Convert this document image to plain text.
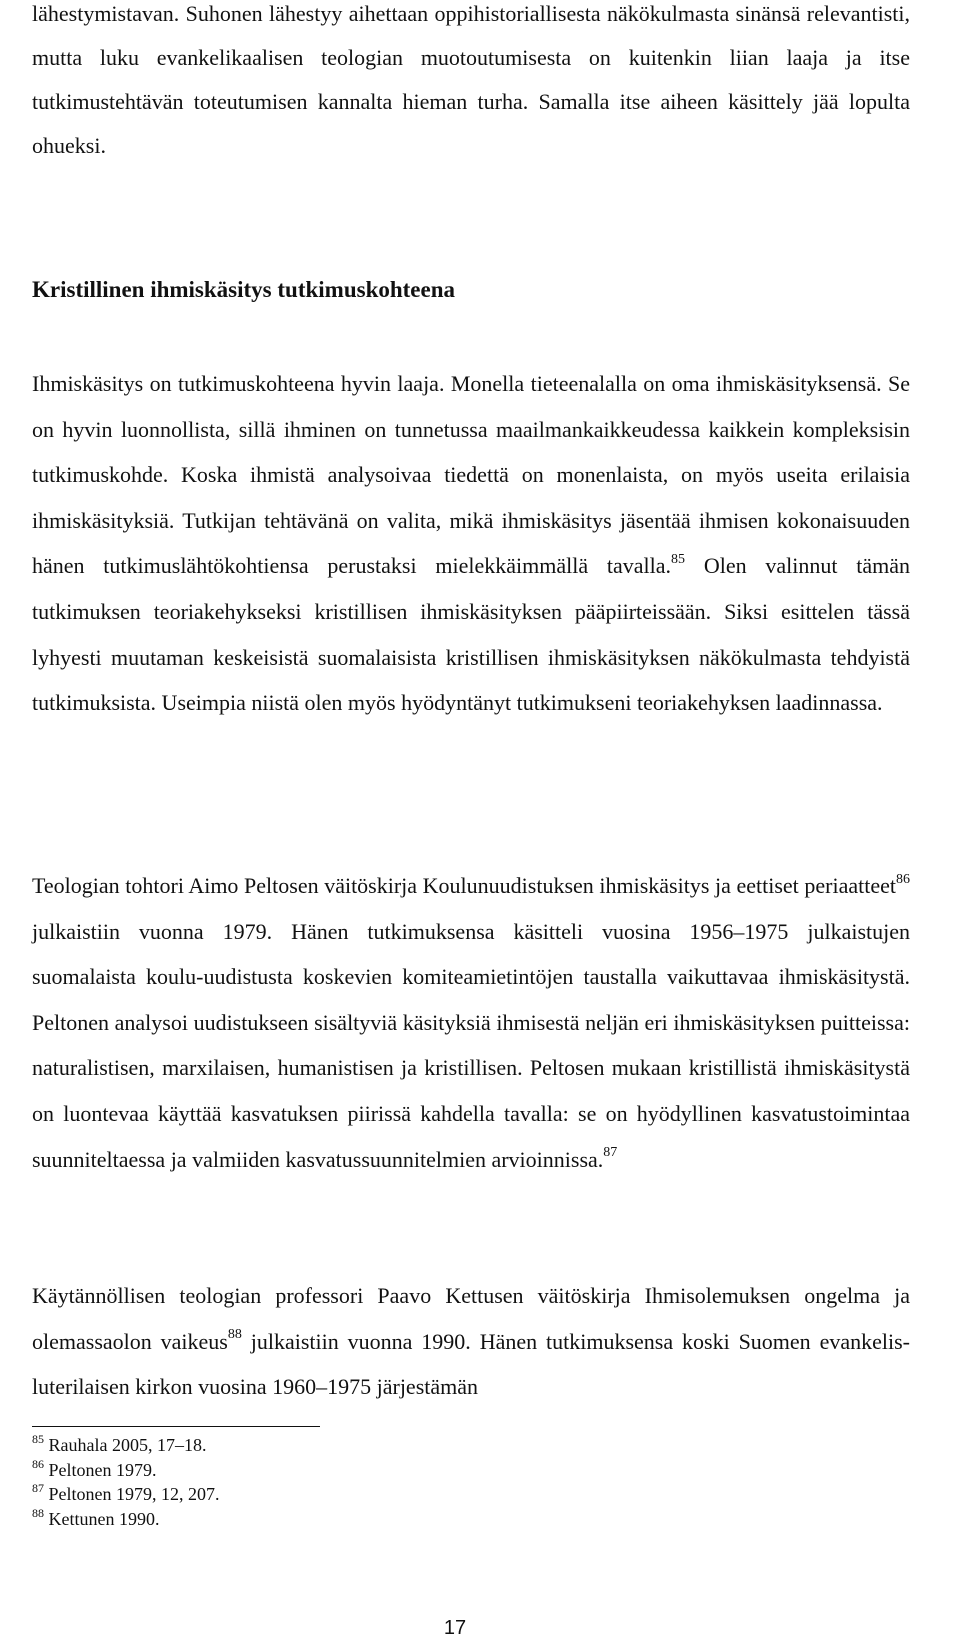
lähestymistavan. Suhonen lähestyy aihettaan oppihistoriallisesta näkökulmasta sinänsä relevantisti, mutta luku evankelikaalisen teologian muotoutumisesta on kuitenkin liian laaja ja itse tutkimustehtävän toteutumisen kannalta hieman turha. Samalla itse aiheen käsittely jää lopulta ohueksi.

Kristillinen ihmiskäsitys tutkimuskohteena

Ihmiskäsitys on tutkimuskohteena hyvin laaja. Monella tieteenalalla on oma ihmiskäsityksensä. Se on hyvin luonnollista, sillä ihminen on tunnetussa maailmankaikkeudessa kaikkein kompleksisin tutkimuskohde. Koska ihmistä analysoivaa tiedettä on monenlaista, on myös useita erilaisia ihmiskäsityksiä. Tutkijan tehtävänä on valita, mikä ihmiskäsitys jäsentää ihmisen kokonaisuuden hänen tutkimuslähtökohtiensa perustaksi mielekkäimmällä tavalla.$^{85}$ Olen valinnut tämän tutkimuksen teoriakehykseksi kristillisen ihmiskäsityksen pääpiirteissään. Siksi esittelen tässä lyhyesti muutaman keskeisistä suomalaisista kristillisen ihmiskäsityksen näkökulmasta tehdyistä tutkimuksista. Useimpia niistä olen myös hyödyntänyt tutkimukseni teoriakehyksen laadinnassa.

Teologian tohtori Aimo Peltosen väitöskirja Koulunuudistuksen ihmiskäsitys ja eettiset periaatteet$^{86}$ julkaistiin vuonna 1979. Hänen tutkimuksensa käsitteli vuosina 1956–1975 julkaistujen suomalaista koulu-uudistusta koskevien komiteamietintöjen taustalla vaikuttavaa ihmiskäsitystä. Peltonen analysoi uudistukseen sisältyviä käsityksiä ihmisestä neljän eri ihmiskäsityksen puitteissa: naturalistisen, marxilaisen, humanistisen ja kristillisen. Peltosen mukaan kristillistä ihmiskäsitystä on luontevaa käyttää kasvatuksen piirissä kahdella tavalla: se on hyödyllinen kasvatustoimintaa suunniteltaessa ja valmiiden kasvatussuunnitelmien arvioinnissa.$^{87}$

Käytännöllisen teologian professori Paavo Kettusen väitöskirja Ihmisolemuksen ongelma ja olemassaolon vaikeus$^{88}$ julkaistiin vuonna 1990. Hänen tutkimuksensa koski Suomen evankelis-luterilaisen kirkon vuosina 1960–1975 järjestämän

$^{85}$ Rauhala 2005, 17–18.
$^{86}$ Peltonen 1979.
$^{87}$ Peltonen 1979, 12, 207.
$^{88}$ Kettunen 1990.
17
